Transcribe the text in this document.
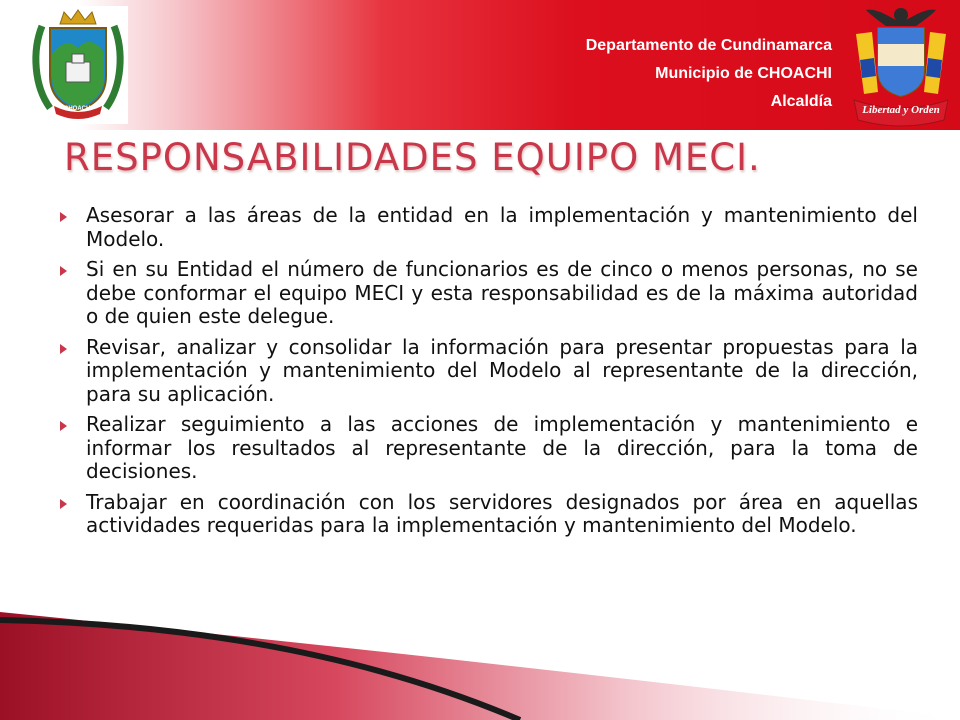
CHOACHI	Libertad y Orden
Departamento de Cundinamarca
Municipio de CHOACHI
Alcaldía
RESPONSABILIDADES EQUIPO MECI.
Asesorar a las áreas de la entidad en la implementación y mantenimiento del Modelo.
Si en su Entidad el número de funcionarios es de cinco o menos personas, no se debe conformar el equipo MECI y esta responsabilidad es de la máxima autoridad o de quien este delegue.
Revisar, analizar y consolidar la información para presentar propuestas para la implementación y mantenimiento del Modelo al representante de la dirección, para su aplicación.
Realizar seguimiento a las acciones de implementación y mantenimiento e informar los resultados al representante de la dirección, para la toma de decisiones.
Trabajar en coordinación con los servidores designados por área en aquellas actividades requeridas para la implementación y mantenimiento del Modelo.
